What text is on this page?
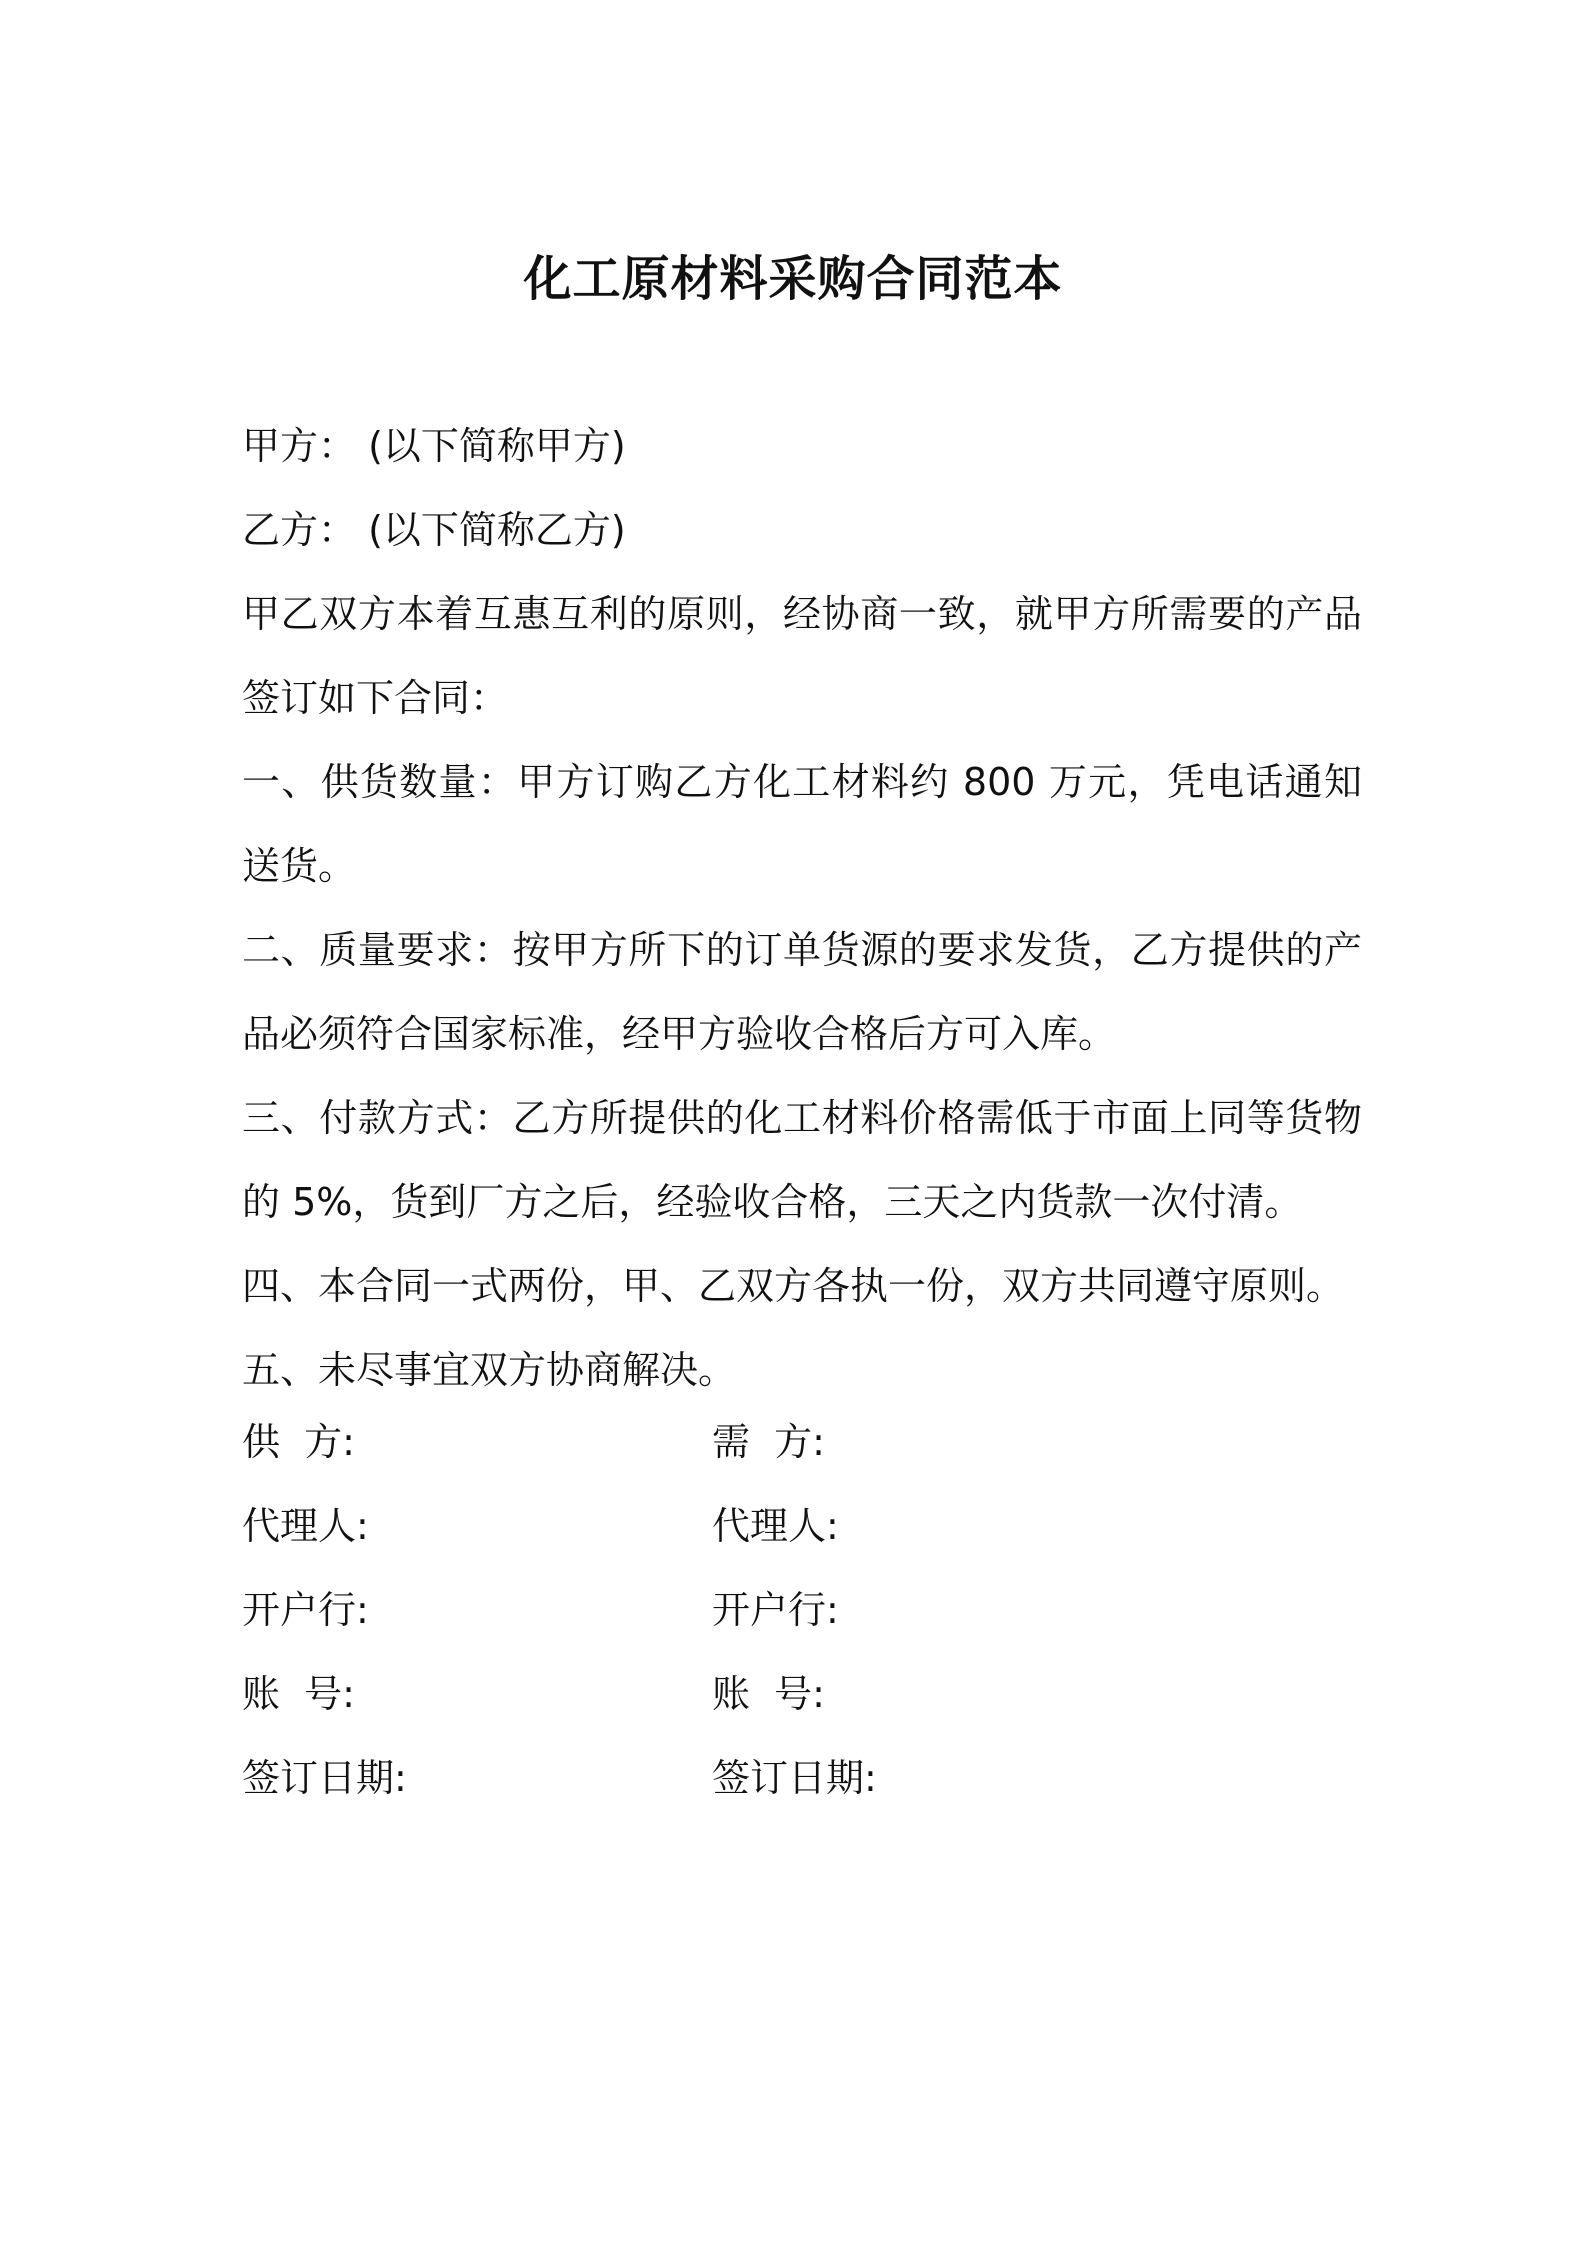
化工原材料采购合同范本

甲方： (以下简称甲方)

乙方： (以下简称乙方)

甲乙双方本着互惠互利的原则，经协商一致，就甲方所需要的产品签订如下合同：

一、供货数量：甲方订购乙方化工材料约 800 万元，凭电话通知送货。

二、质量要求：按甲方所下的订单货源的要求发货，乙方提供的产品必须符合国家标准，经甲方验收合格后方可入库。

三、付款方式：乙方所提供的化工材料价格需低于市面上同等货物的 5%，货到厂方之后，经验收合格，三天之内货款一次付清。

四、本合同一式两份，甲、乙双方各执一份，双方共同遵守原则。

五、未尽事宜双方协商解决。

供  方:	需  方:
代理人:	代理人:
开户行:	开户行:
账  号:	账  号:
签订日期:	签订日期:
